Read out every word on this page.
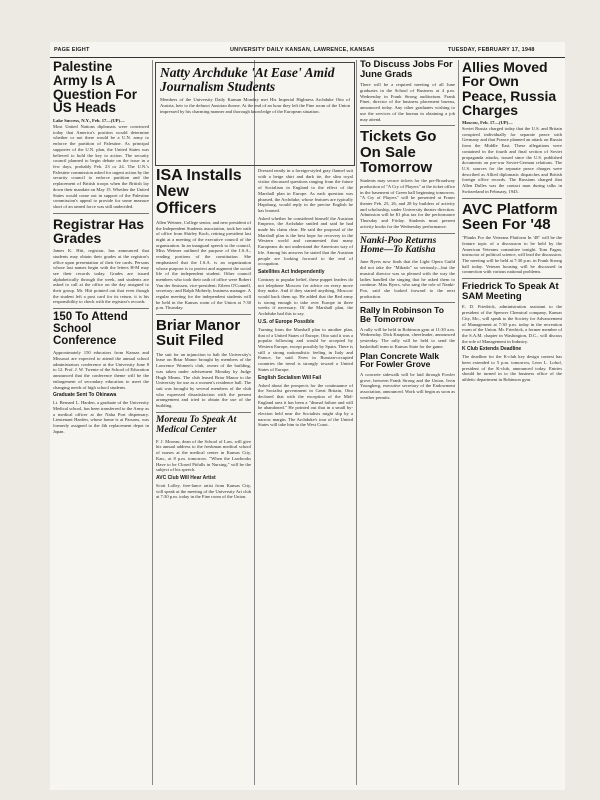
PAGE EIGHT	UNIVERSITY DAILY KANSAN, LAWRENCE, KANSAS	TUESDAY, FEBRUARY 17, 1948
Palestine Army Is A Question For US Heads

Lake Success, N.Y., Feb. 17—(UP)—

Most United Nations diplomats were convinced today that America's position would determine whether or not there would be a U.N. army to enforce the partition of Palestine. As principal supporter of the U.N. plan, the United States was believed to hold the key to action. The security council planned to begin debate on the issue in a few days, probably Feb. 23 or 24. The U.N.'s Palestine commission asked for urgent action by the security council to enforce partition and the replacement of British troops when the British lay down their mandate on May 15. Whether the United States would come out in support of the Palestine commission's appeal to provide for some measure short of an armed force was still undecided.

Registrar Has Grades

James K. Hitt, registrar, has announced that students may obtain their grades at the registrar's office upon presentation of their fee cards. Persons whose last names begin with the letters H-M may see their records today. Grades are issued alphabetically through the week, and students are asked to call at the office on the day assigned to their group. Mr. Hitt pointed out that even though the student left a post card for its return, it is his responsibility to check with the registrar's records.

150 To Attend School Conference

Approximately 150 educators from Kansas and Missouri are expected to attend the annual school administrators conference at the University June 8 to 12. Prof. J. W. Twente of the School of Education announced that the conference theme will be the enlargement of secondary education to meet the changing needs of high school students.

Graduate Sent To Okinawa

Lt. Bernard L. Harden, a graduate of the University Medical school, has been transferred to the Army as a medical officer at the Naha Port dispensary. Lieutenant Harden, whose home is at Parsons, was formerly assigned to the 4th replacement depot in Japan.

Natty Archduke 'At Ease' Amid Journalism Students

Members of the University Daily Kansan Monday met His Imperial Highness Archduke Otto of Austria, heir to the defunct Austrian throne. At the end of an hour they left the Fine room of the Union impressed by his charming manner and thorough knowledge of the European situation.

ISA Installs New Officers

Allen Weimer, College senior, and new president of the Independent Students association, took her oath of office from Shirley Koch, retiring president last night at a meeting of the executive council of the organization. In an inaugural speech to the council, Miss Weimer outlined the purpose of the I.S.A., reading portions of the constitution. She emphasized that the I.S.A. is an organization whose purpose is to protect and augment the social life of the independent student. Other council members who took their oath of office were Robert Van der Smissen, vice-president; Eileen O'Connell, secretary; and Ralph Moberly, business manager. A regular meeting for the independent students will be held in the Kansas room of the Union at 7:30 p.m. Thursday.

Briar Manor Suit Filed

The suit for an injunction to halt the University's lease on Briar Manor brought by members of the Lawrence Women's club, owner of the building, was taken under advisement Monday by Judge Hugh Means. The club leased Briar Manor to the University for use as a women's residence hall. The suit was brought by several members of the club who expressed dissatisfaction with the present arrangement and tried to obtain the use of the building.

Moreau To Speak At Medical Center

F. J. Moreau, dean of the School of Law, will give his annual address to the freshman medical school of nurses at the medical center in Kansas City, Kan., at 8 p.m. tomorrow. "When the Lawbooks Have to be Closed Pitfalls in Nursing," will be the subject of his speech.

AVC Club Will Hear Artist

Scott Lolley, free-lance artist from Kansas City, will speak at the meeting of the University Art club at 7:30 p.m. today in the Fine room of the Union.

Dressed neatly in a foreign-styled gray flannel suit with a beige shirt and dark tie, the slim royal visitor discussed questions ranging from the future of Socialism in England to the effect of the Marshall plan in Europe. As each question was phrased, the Archduke, whose features are typically Hapsburg, would reply in the precise English he has learned.

Asked whether he considered himself the Austrian Emperor, the Archduke smiled and said he had made his claim clear. He said the proposal of the Marshall plan is the best hope for recovery in the Western world and commented that many Europeans do not understand the American way of life. Among his answers he stated that the Austrian people are looking forward to the end of occupation.

Satellites Act Independently

Contrary to popular belief, these puppet leaders do not telephone Moscow for advice on every move they make. And if they started anything, Moscow would back them up. He added that the Red army is strong enough to take over Europe in three weeks if necessary. Of the Marshall plan, the Archduke had this to say.

U.S. of Europe Possible

Turning from the Marshall plan to another plan, that of a United States of Europe, Otto said it was a popular following and would be accepted by Western Europe, except possibly by Spain. There is still a strong nationalistic feeling in Italy and France, he said. Even in Russian-occupied countries the trend is strongly toward a United States of Europe.

English Socialism Will Fail

Asked about the prospects for the continuance of the Socialist government in Great Britain, Otto declared that with the exception of the Mid-England area it has been a "dismal failure and will be abandoned." He pointed out that in a small by-election held near the Socialists might slip by a narrow margin. The Archduke's tour of the United States will take him to the West Coast.

To Discuss Jobs For June Grads

There will be a required meeting of all June graduates in the School of Business at 4 p.m. Wednesday in Frank Strong auditorium. Frank Pinet, director of the business placement bureau, announced today. Any other graduates wishing to use the services of the bureau in obtaining a job may attend.

Tickets Go On Sale Tomorrow

Students may secure tickets for the pre-Broadway production of "A Cry of Players" at the ticket office in the basement of Green hall beginning tomorrow. "A Cry of Players" will be presented at Fraser theater Feb. 25, 26, and 28 by builders of activity and scholarship, under University theater direction. Admission will be $1 plus tax for the performance Thursday and Friday. Students must present activity books for the Wednesday performance.

Nanki-Poo Returns Home—To Katisha

June Byers now finds that the Light Opera Guild did not take the "Mikado" so seriously—but the musical director was so pleased with the way the ladies handled the singing that he asked them to continue. Miss Byers, who sang the role of Nanki-Poo, said she looked forward to the next production.

Rally In Robinson To Be Tomorrow

A rally will be held in Robinson gym at 11:30 a.m. Wednesday. Dick Knapton, cheerleader, announced yesterday. The rally will be held to send the basketball team to Kansas State for the game.

Plan Concrete Walk For Fowler Grove

A concrete sidewalk will be laid through Fowler grove, between Frank Strong and the Union, Irvin Youngberg, executive secretary of the Endowment association, announced. Work will begin as soon as weather permits.

Allies Moved For Own Peace, Russia Charges

Moscow, Feb. 17—(UP)—

Soviet Russia charged today that the U.S. and Britain conspired individually for separate peace with Germany and that France planned an attack on Russia from the Middle East. These allegations were contained in the fourth and final section of Soviet propaganda attacks, issued since the U.S. published documents on pre-war Soviet-German relations. The U.S. sources for the separate peace charges were described as Allied diplomatic dispatches and British foreign office records. The Russians charged that Allen Dulles was the contact man during talks in Switzerland in February, 1943.

AVC Platform Seen For '48

"Planks For the Veterans Platform In '48" will be the feature topic of a discussion to be held by the American Veterans committee tonight. Tom Fagan, instructor of political science, will lead the discussion. The meeting will be held at 7:30 p.m. in Frank Strong hall today. Veteran housing will be discussed in connection with various national problems.

Friedrick To Speak At SAM Meeting

E. D. Friedrick, administration assistant to the president of the Spencer Chemical company, Kansas City, Mo., will speak to the Society for Advancement of Management at 7:30 p.m. today in the recreation room of the Union. Mr. Friedrick, a former member of the S.A.M. chapter in Washington, D.C., will discuss the role of Management in Industry.

K Club Extends Deadline

The deadline for the K-club key design contest has been extended to 5 p.m. tomorrow, Leon L. Lohof, president of the K-club, announced today. Entries should be turned in to the business office of the athletic department in Robinson gym.
